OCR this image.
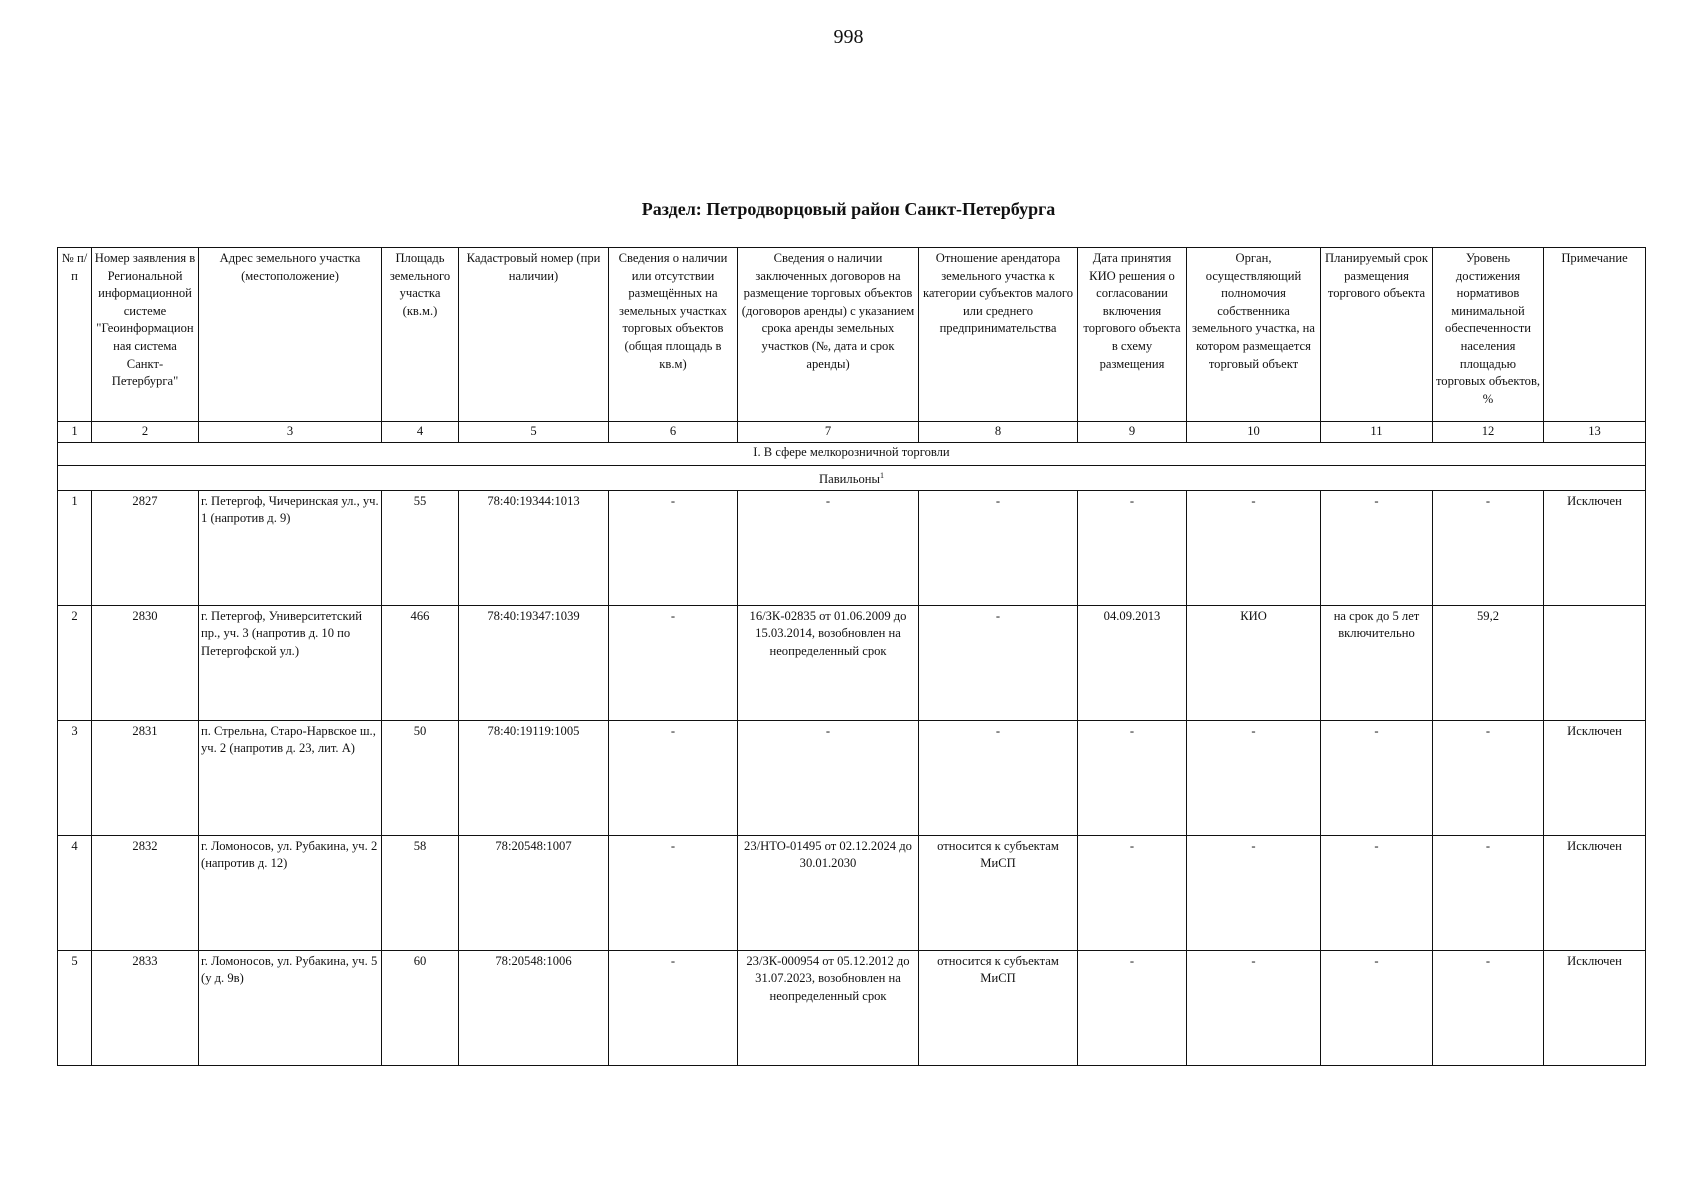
998
Раздел: Петродворцовый район Санкт-Петербурга
№ п/п	Номер заявления в Региональной информационной системе "Геоинформационная система Санкт-Петербурга"	Адрес земельного участка (местоположение)	Площадь земельного участка (кв.м.)	Кадастровый номер (при наличии)	Сведения о наличии или отсутствии размещённых на земельных участках торговых объектов (общая площадь в кв.м)	Сведения о наличии заключенных договоров на размещение торговых объектов (договоров аренды) с указанием срока аренды земельных участков (№, дата и срок аренды)	Отношение арендатора земельного участка к категории субъектов малого или среднего предпринимательства	Дата принятия КИО решения о согласовании включения торгового объекта в схему размещения	Орган, осуществляющий полномочия собственника земельного участка, на котором размещается торговый объект	Планируемый срок размещения торгового объекта	Уровень достижения нормативов минимальной обеспеченности населения площадью торговых объектов, %	Примечание
1	2	3	4	5	6	7	8	9	10	11	12	13
I. В сфере мелкорозничной торговли												
Павильоны$^1$
1	2827	г. Петергоф, Чичеринская ул., уч. 1 (напротив д. 9)	55	78:40:19344:1013	-	-	-	-	-	-	-	Исключен
2	2830	г. Петергоф, Университетский пр., уч. 3 (напротив д. 10 по Петергофской ул.)	466	78:40:19347:1039	-	16/ЗК-02835 от 01.06.2009 до 15.03.2014, возобновлен на неопределенный срок	-	04.09.2013	КИО	на срок до 5 лет включительно	59,2	
3	2831	п. Стрельна, Старо-Нарвское ш., уч. 2 (напротив д. 23, лит. А)	50	78:40:19119:1005	-	-	-	-	-	-	-	Исключен
4	2832	г. Ломоносов, ул. Рубакина, уч. 2 (напротив д. 12)	58	78:20548:1007	-	23/НТО-01495 от 02.12.2024 до 30.01.2030	относится к субъектам МиСП	-	-	-	-	Исключен
5	2833	г. Ломоносов, ул. Рубакина, уч. 5 (у д. 9в)	60	78:20548:1006	-	23/ЗК-000954 от 05.12.2012 до 31.07.2023, возобновлен на неопределенный срок	относится к субъектам МиСП	-	-	-	-	Исключен
